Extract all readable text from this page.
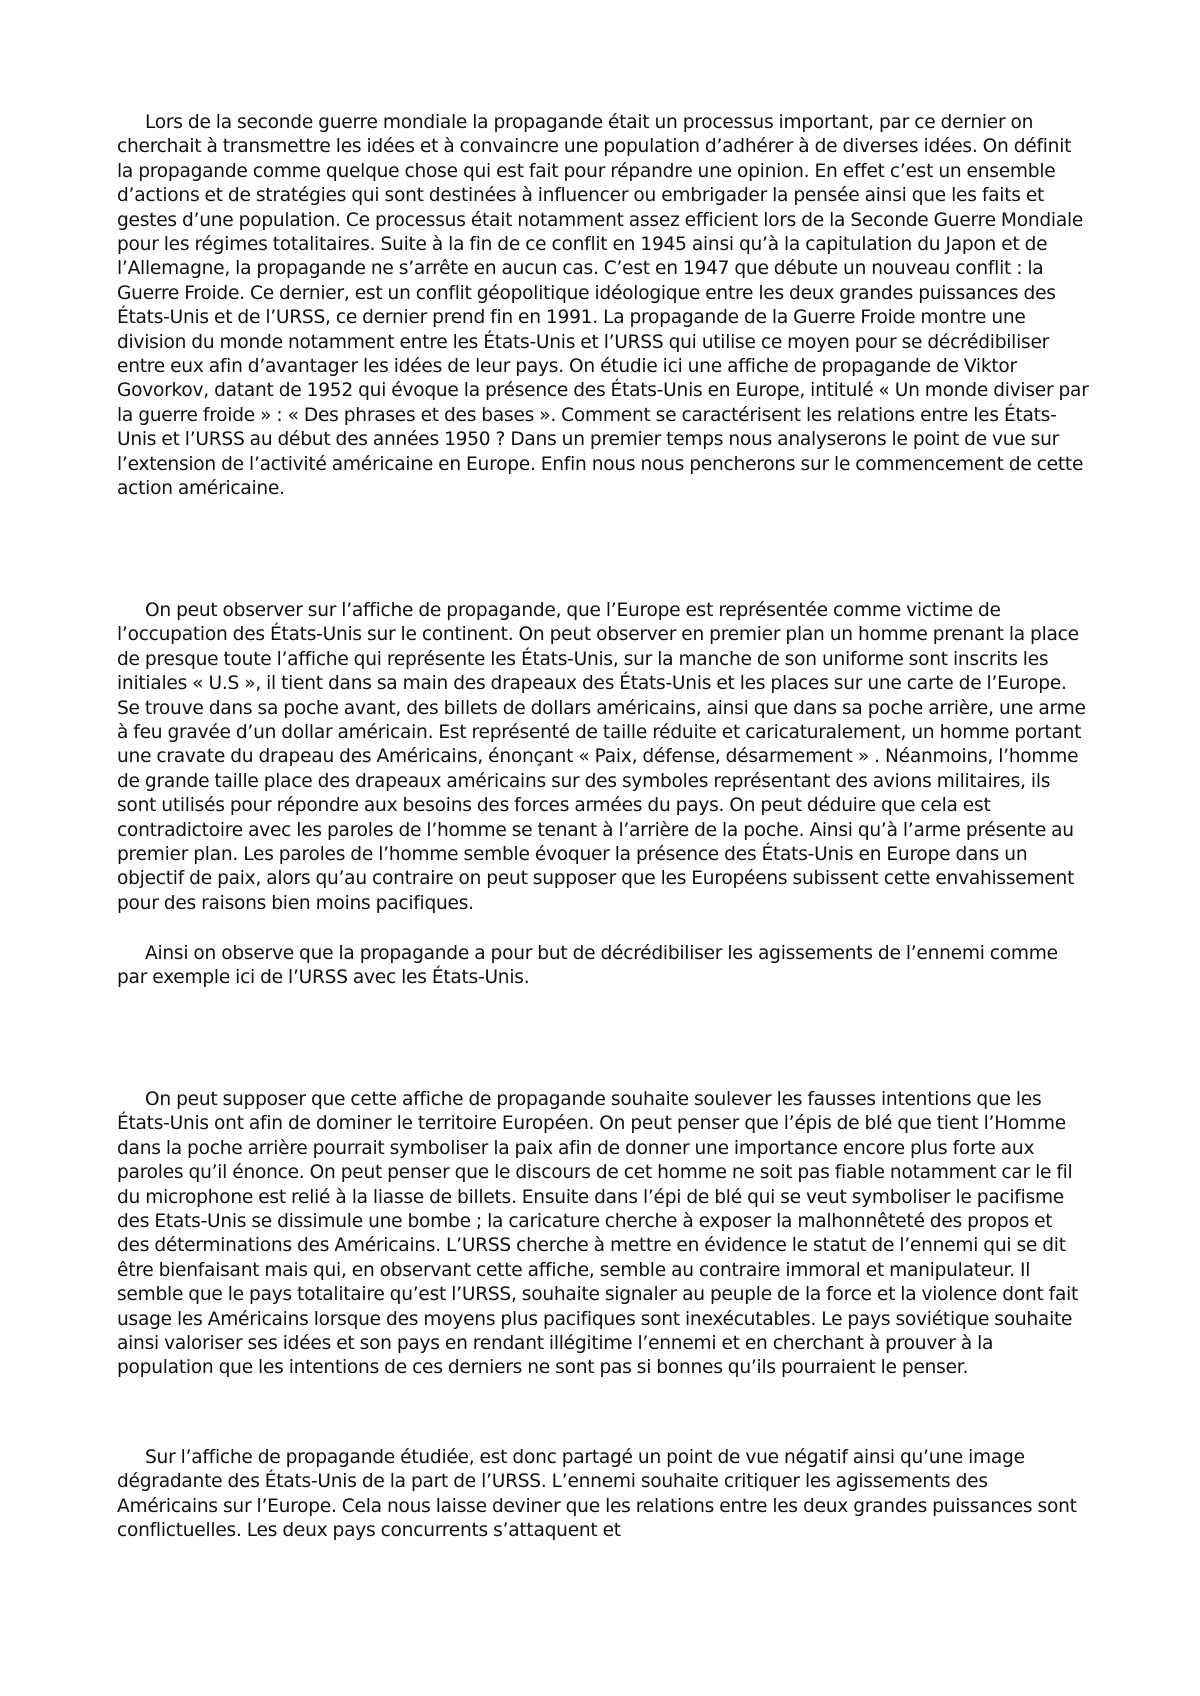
Lors de la seconde guerre mondiale la propagande était un processus important, par ce dernier on cherchait à transmettre les idées et à convaincre une population d’adhérer à de diverses idées. On définit la propagande comme quelque chose qui est fait pour répandre une opinion. En effet c’est un ensemble d’actions et de stratégies qui sont destinées à influencer ou embrigader la pensée ainsi que les faits et gestes d’une population. Ce processus était notamment assez efficient lors de la Seconde Guerre Mondiale pour les régimes totalitaires. Suite à la fin de ce conflit en 1945 ainsi qu’à la capitulation du Japon et de l’Allemagne, la propagande ne s’arrête en aucun cas. C’est en 1947 que débute un nouveau conflit : la Guerre Froide. Ce dernier, est un conflit géopolitique idéologique entre les deux grandes puissances des États-Unis et de l’URSS, ce dernier prend fin en 1991. La propagande de la Guerre Froide montre une division du monde notamment entre les États-Unis et l’URSS qui utilise ce moyen pour se décrédibiliser entre eux afin d’avantager les idées de leur pays. On étudie ici une affiche de propagande de Viktor Govorkov, datant de 1952 qui évoque la présence des États-Unis en Europe, intitulé « Un monde diviser par la guerre froide » : « Des phrases et des bases ». Comment se caractérisent les relations entre les États-Unis et l’URSS au début des années 1950 ? Dans un premier temps nous analyserons le point de vue sur l’extension de l’activité américaine en Europe. Enfin nous nous pencherons sur le commencement de cette action américaine.

On peut observer sur l’affiche de propagande, que l’Europe est représentée comme victime de l’occupation des États-Unis sur le continent. On peut observer en premier plan un homme prenant la place de presque toute l’affiche qui représente les États-Unis, sur la manche de son uniforme sont inscrits les initiales « U.S », il tient dans sa main des drapeaux des États-Unis et les places sur une carte de l’Europe. Se trouve dans sa poche avant, des billets de dollars américains, ainsi que dans sa poche arrière, une arme à feu gravée d’un dollar américain. Est représenté de taille réduite et caricaturalement, un homme portant une cravate du drapeau des Américains, énonçant « Paix, défense, désarmement » . Néanmoins, l’homme de grande taille place des drapeaux américains sur des symboles représentant des avions militaires, ils sont utilisés pour répondre aux besoins des forces armées du pays. On peut déduire que cela est contradictoire avec les paroles de l’homme se tenant à l’arrière de la poche. Ainsi qu’à l’arme présente au premier plan. Les paroles de l’homme semble évoquer la présence des États-Unis en Europe dans un objectif de paix, alors qu’au contraire on peut supposer que les Européens subissent cette envahissement pour des raisons bien moins pacifiques.

Ainsi on observe que la propagande a pour but de décrédibiliser les agissements de l’ennemi comme par exemple ici de l’URSS avec les États-Unis.

On peut supposer que cette affiche de propagande souhaite soulever les fausses intentions que les États-Unis ont afin de dominer le territoire Européen. On peut penser que l’épis de blé que tient l’Homme dans la poche arrière pourrait symboliser la paix afin de donner une importance encore plus forte aux paroles qu’il énonce. On peut penser que le discours de cet homme ne soit pas fiable notamment car le fil du microphone est relié à la liasse de billets. Ensuite dans l’épi de blé qui se veut symboliser le pacifisme des Etats-Unis se dissimule une bombe ; la caricature cherche à exposer la malhonnêteté des propos et des déterminations des Américains. L’URSS cherche à mettre en évidence le statut de l’ennemi qui se dit être bienfaisant mais qui, en observant cette affiche, semble au contraire immoral et manipulateur. Il semble que le pays totalitaire qu’est l’URSS, souhaite signaler au peuple de la force et la violence dont fait usage les Américains lorsque des moyens plus pacifiques sont inexécutables. Le pays soviétique souhaite ainsi valoriser ses idées et son pays en rendant illégitime l’ennemi et en cherchant à prouver à la population que les intentions de ces derniers ne sont pas si bonnes qu’ils pourraient le penser.

Sur l’affiche de propagande étudiée, est donc partagé un point de vue négatif ainsi qu’une image dégradante des États-Unis de la part de l’URSS. L’ennemi souhaite critiquer les agissements des Américains sur l’Europe. Cela nous laisse deviner que les relations entre les deux grandes puissances sont conflictuelles. Les deux pays concurrents s’attaquent et
